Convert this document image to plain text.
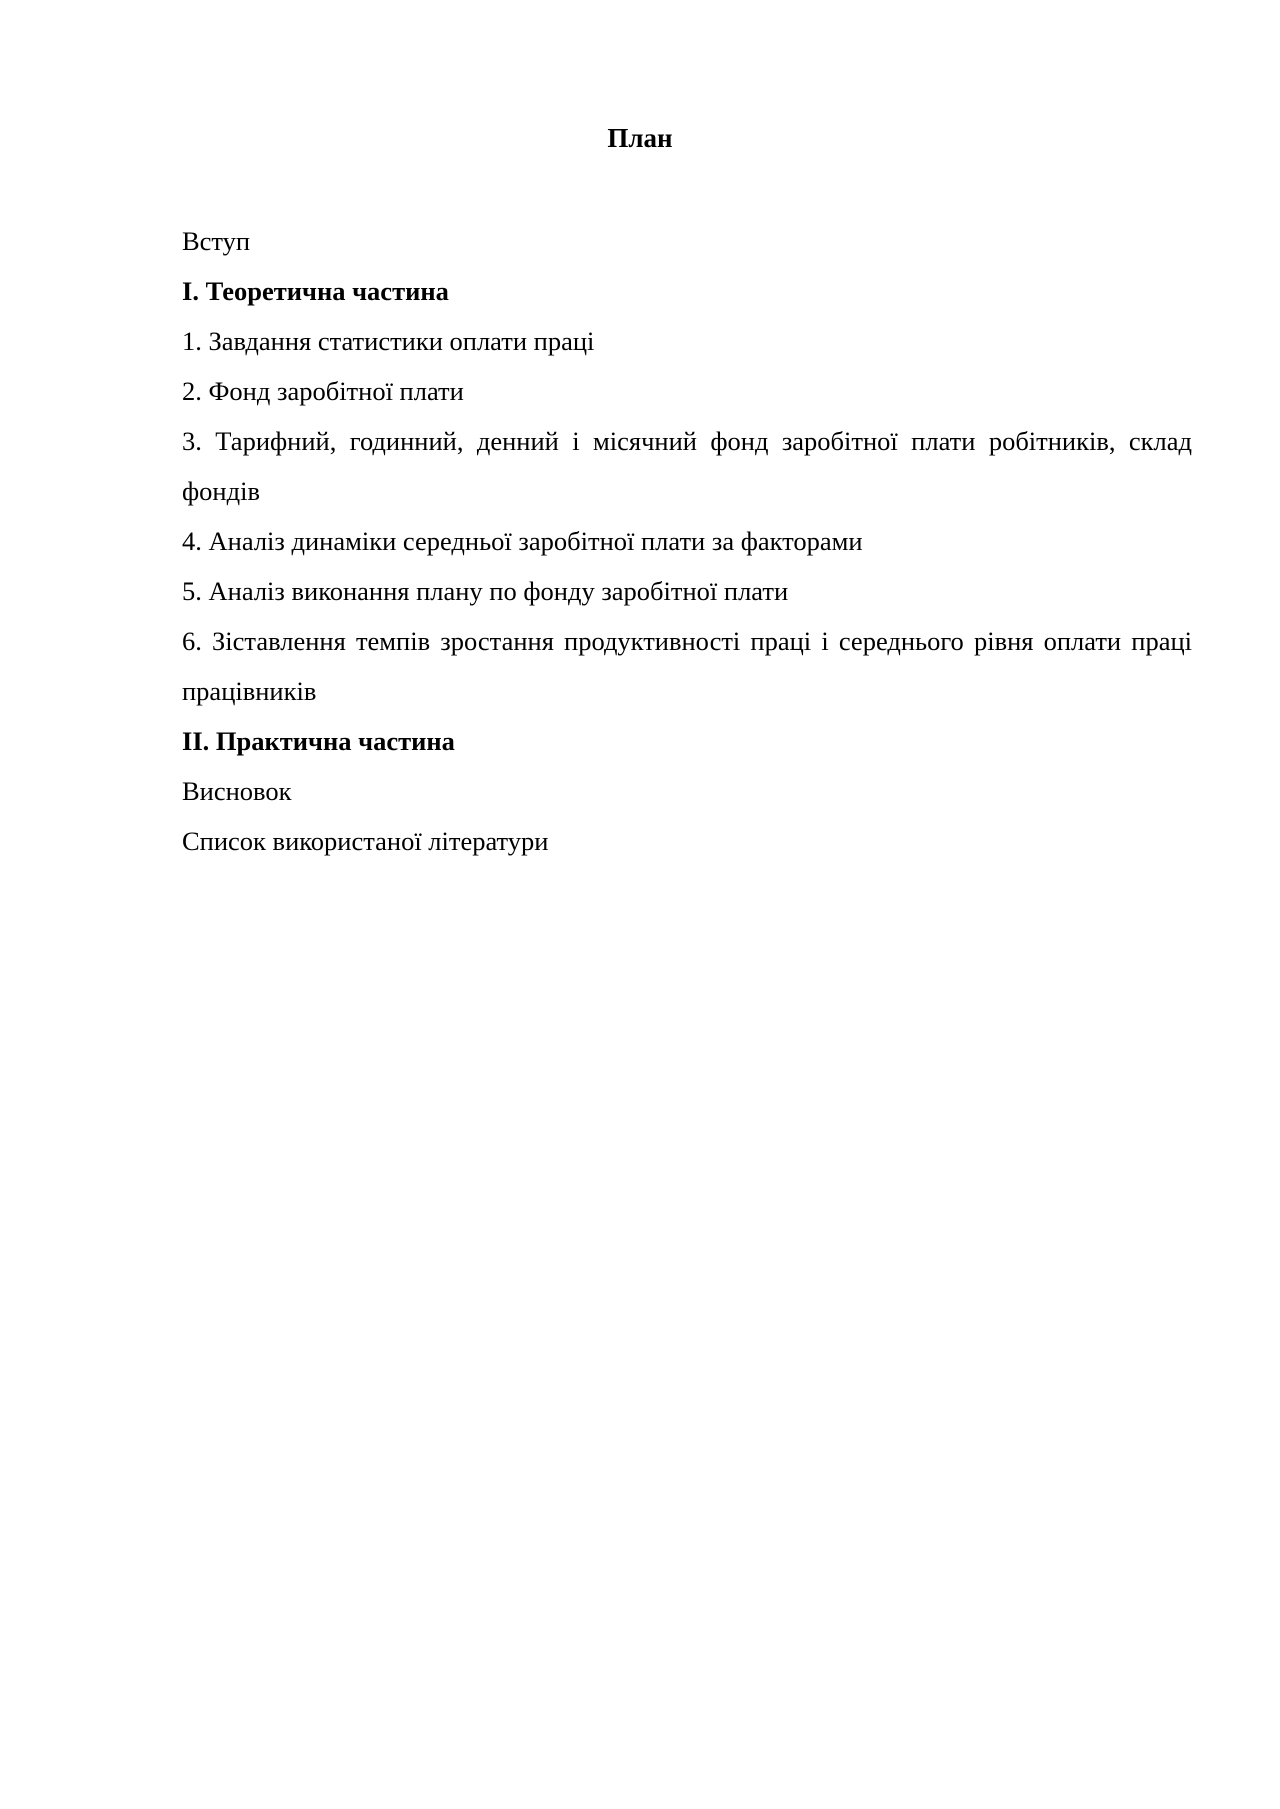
План
Вступ
I. Теоретична частина
1. Завдання статистики оплати праці
2. Фонд заробітної плати
3. Тарифний, годинний, денний і місячний фонд заробітної плати робітників, склад фондів
4. Аналіз динаміки середньої заробітної плати за факторами
5. Аналіз виконання плану по фонду заробітної плати
6. Зіставлення темпів зростання продуктивності праці і середнього рівня оплати праці працівників
II. Практична частина
Висновок
Список використаної літератури
